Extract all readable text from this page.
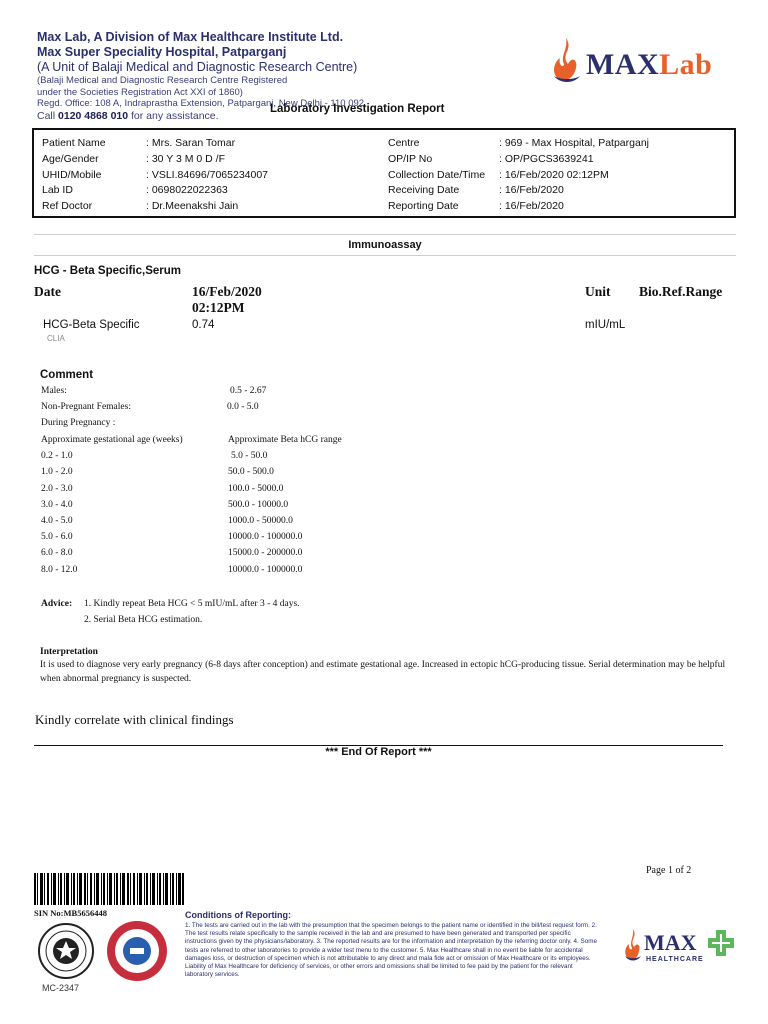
Max Lab, A Division of Max Healthcare Institute Ltd.
Max Super Speciality Hospital, Patparganj
(A Unit of Balaji Medical and Diagnostic Research Centre)
(Balaji Medical and Diagnostic Research Centre Registered
under the Societies Registration Act XXI of 1860)
Regd. Office: 108 A, Indraprastha Extension, Patparganj, New Delhi - 110 092
Call 0120 4868 010 for any assistance.
MAXLab
Laboratory Investigation Report
Patient Name	: Mrs. Saran Tomar
Age/Gender	: 30 Y 3 M 0 D /F
UHID/Mobile	: VSLI.84696/7065234007
Lab ID	: 0698022022363
Ref Doctor	: Dr.Meenakshi Jain
Centre	: 969 - Max Hospital, Patparganj
OP/IP No	: OP/PGCS3639241
Collection Date/Time : 16/Feb/2020 02:12PM
Receiving Date	: 16/Feb/2020
Reporting Date	: 16/Feb/2020
Immunoassay
HCG - Beta Specific,Serum
Date	16/Feb/2020
02:12PM
Unit Bio.Ref.Range
HCG-Beta Specific
CLIA
0.74	mIU/mL
Comment
Males:	0.5 - 2.67
Non-Pregnant Females:	0.0 - 5.0
During Pregnancy :
Approximate gestational age (weeks)	Approximate Beta hCG range
0.2 - 1.0	5.0 - 50.0
1.0 - 2.0	50.0 - 500.0
2.0 - 3.0	100.0 - 5000.0
3.0 - 4.0	500.0 - 10000.0
4.0 - 5.0	1000.0 - 50000.0
5.0 - 6.0	10000.0 - 100000.0
6.0 - 8.0	15000.0 - 200000.0
8.0 - 12.0	10000.0 - 100000.0
Advice: 1. Kindly repeat Beta HCG < 5 mIU/mL after 3 - 4 days.
2. Serial Beta HCG estimation.
Interpretation
It is used to diagnose very early pregnancy (6-8 days after conception) and estimate gestational age. Increased in ectopic hCG-producing tissue. Serial determination may be helpful when abnormal pregnancy is suspected.
Kindly correlate with clinical findings
*** End Of Report ***
Page 1 of 2
SIN No:MB5656448
MC-2347
Conditions of Reporting:
1. The tests are carried out in the lab with the presumption that the specimen belongs to the patient name or identified in the bill/test request form. 2. The test results relate specifically to the sample received in the lab and are presumed to have been generated and transported per specific instructions given by the physicians/laboratory. 3. The reported results are for the information and interpretation by the referring doctor only. 4. Some tests are referred to other laboratories to provide a wider test menu to the customer. 5. Max Healthcare shall in no event be liable for accidental damages loss, or destruction of specimen which is not attributable to any direct and mala fide act or omission of Max Healthcare or its employees. Liability of Max Healthcare for deficiency of services, or other errors and omissions shall be limited to fee paid by the patient for the relevant laboratory services.
MAX
HEALTHCARE
